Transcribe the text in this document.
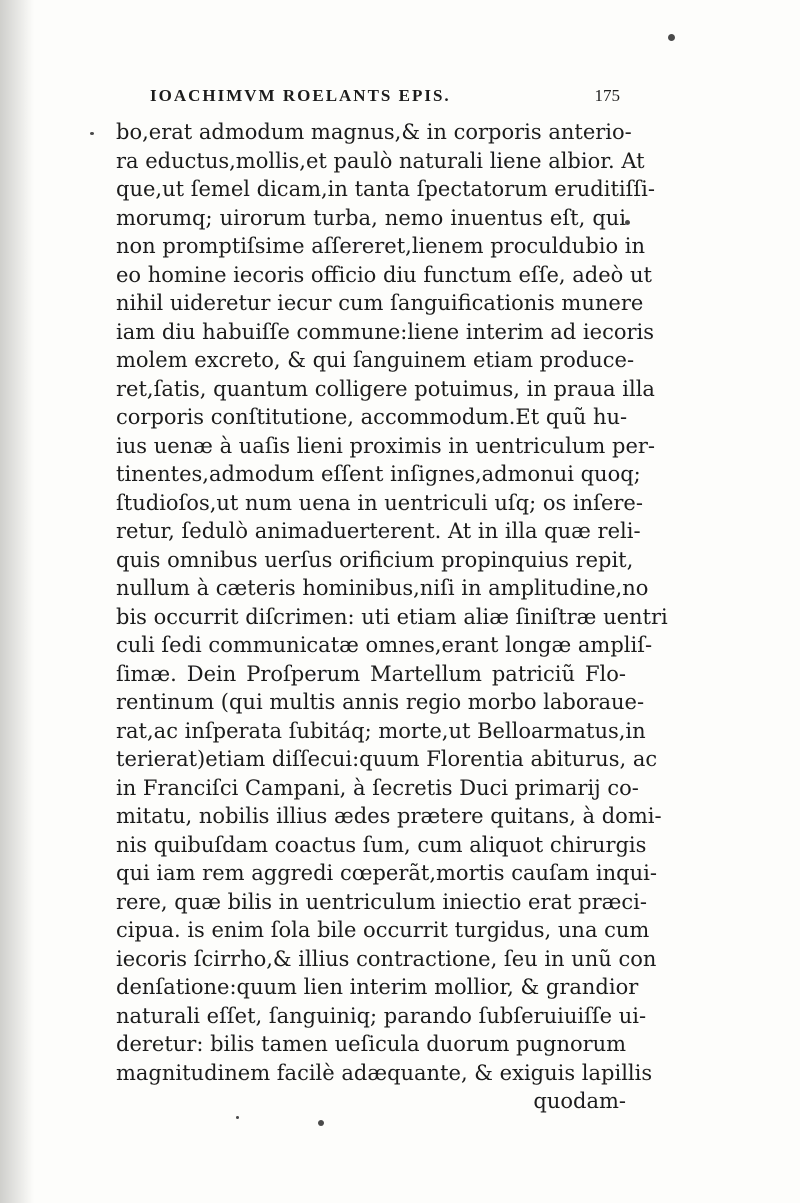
IOACHIMVM ROELANTS EPIS.	175
bo,erat admodum magnus,& in corporis anterio-
ra eductus,mollis,et paulò naturali liene albior. At
que,ut ſemel dicam,in tanta ſpectatorum eruditiſſi-
morumq; uirorum turba, nemo inuentus eſt, qui
non promptiſsime aſſereret,lienem proculdubio in
eo homine iecoris officio diu functum eſſe, adeò ut
nihil uideretur iecur cum ſanguificationis munere
iam diu habuiſſe commune:liene interim ad iecoris
molem excreto, & qui ſanguinem etiam produce-
ret,ſatis, quantum colligere potuimus, in praua illa
corporis conſtitutione, accommodum.Et quũ hu-
ius uenæ à uaſis lieni proximis in uentriculum per-
tinentes,admodum eſſent inſignes,admonui quoq;
ſtudioſos,ut num uena in uentriculi uſq; os inſere-
retur, ſedulò animaduerterent. At in illa quæ reli-
quis omnibus uerſus orificium propinquius repit,
nullum à cæteris hominibus,niſi in amplitudine,no
bis occurrit diſcrimen: uti etiam aliæ ſiniſtræ uentri
culi ſedi communicatæ omnes,erant longæ ampliſ-
ſimæ. Dein Proſperum Martellum patriciũ Flo-
rentinum (qui multis annis regio morbo laborauе-
rat,ac inſperata ſubitáq; morte,ut Belloarmatus,in
terierat)etiam diſſecui:quum Florentia abiturus, ac
in Franciſci Campani, à ſecretis Duci primarij co-
mitatu, nobilis illius ædes prætere quitans, à domi-
nis quibuſdam coactus ſum, cum aliquot chirurgis
qui iam rem aggredi cœperãt,mortis cauſam inqui-
rere, quæ bilis in uentriculum iniectio erat præci-
cipua. is enim ſola bile occurrit turgidus, una cum
iecoris ſcirrho,& illius contractione, ſeu in unũ con
denſatione:quum lien interim mollior, & grandior
naturali eſſet, ſanguiniq; parando ſubſeruiuiſſe ui-
deretur: bilis tamen ueſicula duorum pugnorum
magnitudinem facilè adæquante, & exiguis lapillis
quodam-
